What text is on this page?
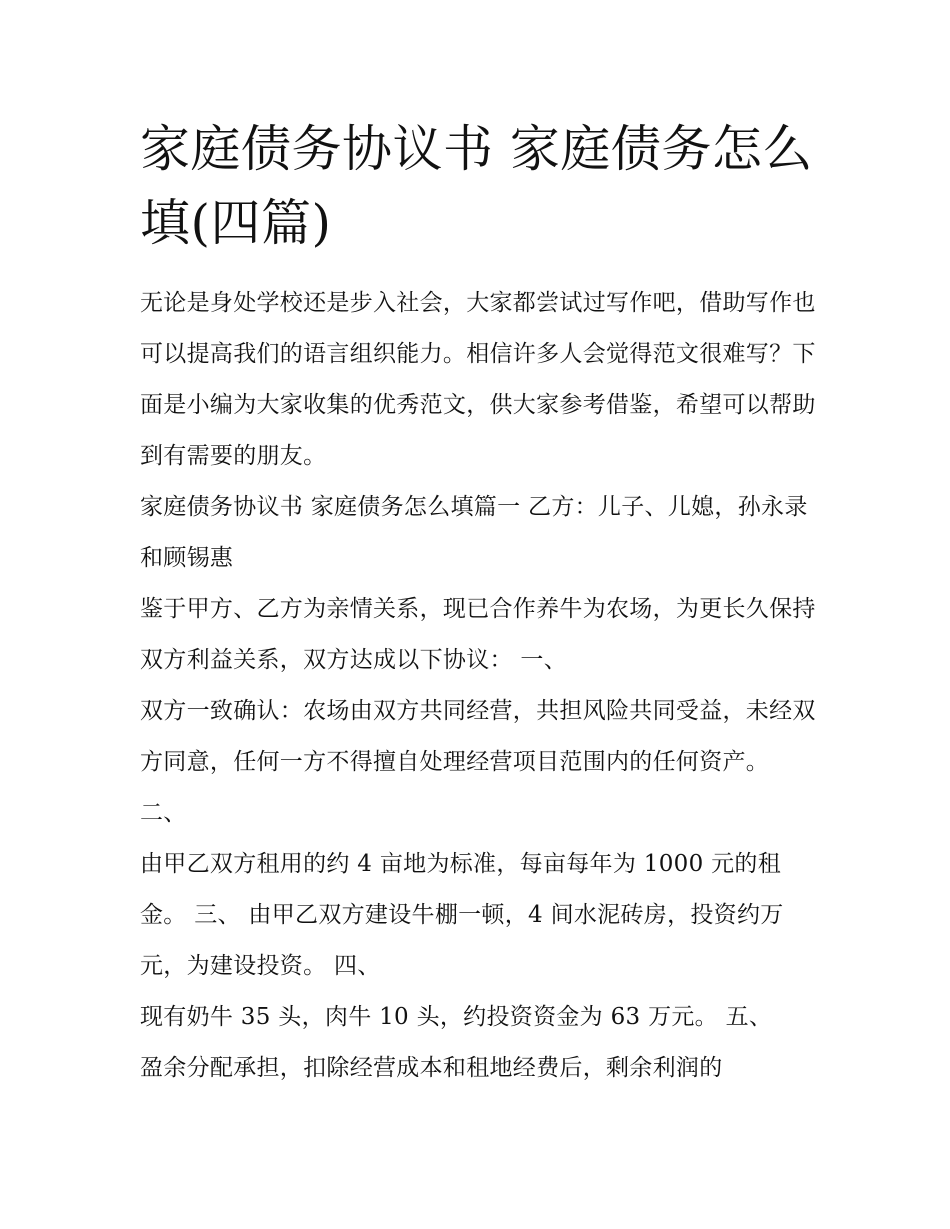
家庭债务协议书 家庭债务怎么填(四篇)

无论是身处学校还是步入社会，大家都尝试过写作吧，借助写作也可以提高我们的语言组织能力。相信许多人会觉得范文很难写？下面是小编为大家收集的优秀范文，供大家参考借鉴，希望可以帮助到有需要的朋友。

家庭债务协议书 家庭债务怎么填篇一 乙方：儿子、儿媳，孙永录和顾锡惠

鉴于甲方、乙方为亲情关系，现已合作养牛为农场，为更长久保持双方利益关系，双方达成以下协议： 一、

双方一致确认：农场由双方共同经营，共担风险共同受益，未经双方同意，任何一方不得擅自处理经营项目范围内的任何资产。 二、

由甲乙双方租用的约 4 亩地为标准，每亩每年为 1000 元的租金。 三、 由甲乙双方建设牛棚一顿，4 间水泥砖房，投资约万元，为建设投资。 四、

现有奶牛 35 头，肉牛 10 头，约投资资金为 63 万元。 五、

盈余分配承担，扣除经营成本和租地经费后，剩余利润的
